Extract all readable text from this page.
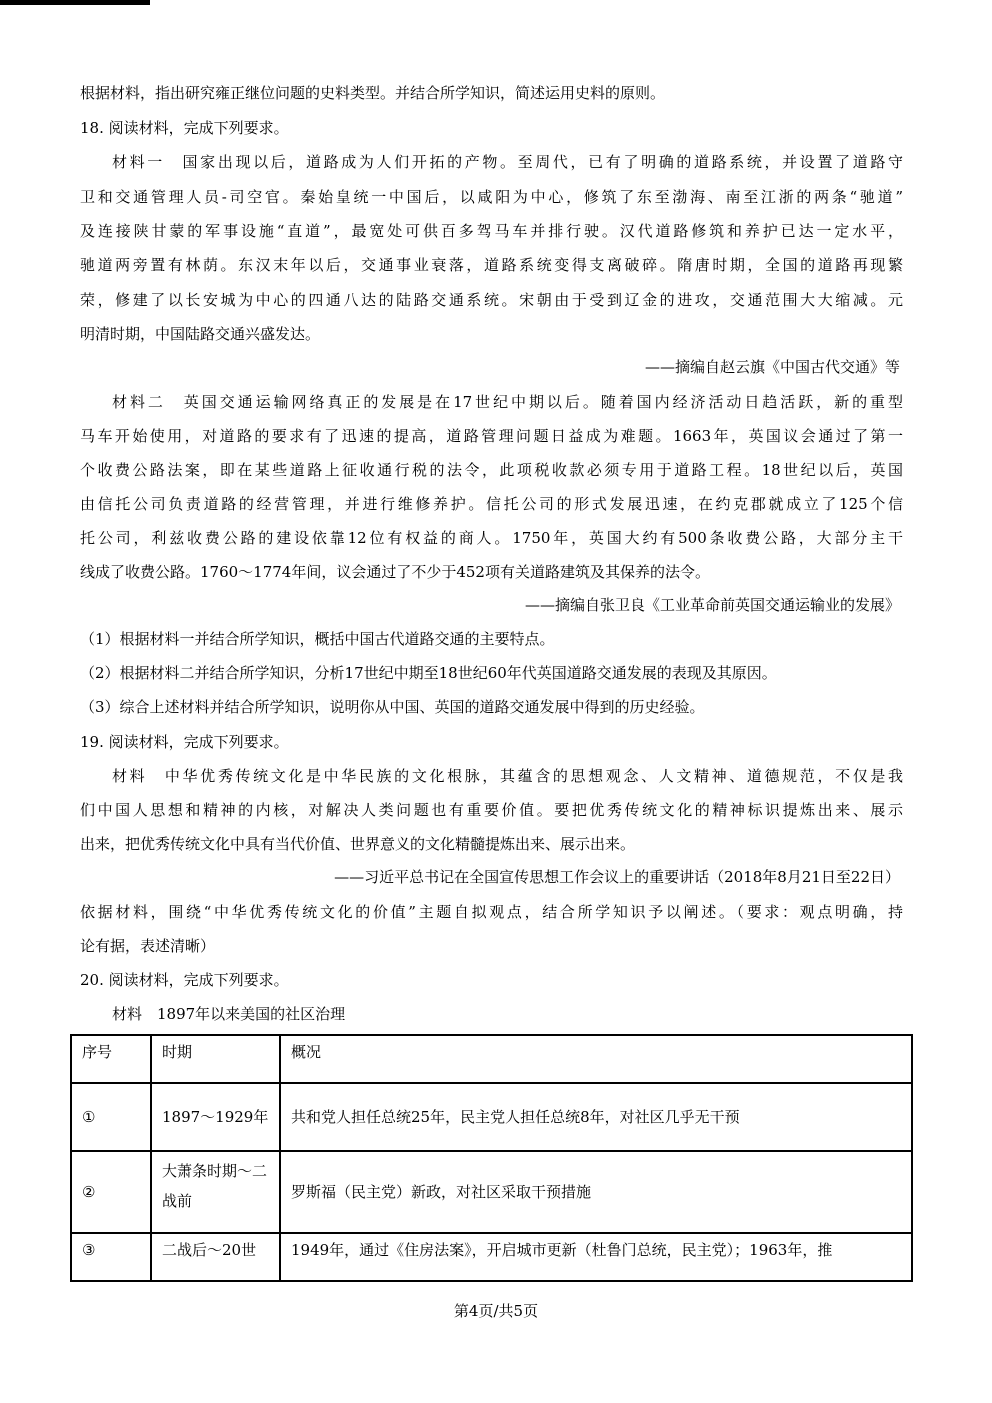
根据材料，指出研究雍正继位问题的史料类型。并结合所学知识，简述运用史料的原则。
18. 阅读材料，完成下列要求。
材料一　国家出现以后，道路成为人们开拓的产物。至周代，已有了明确的道路系统，并设置了道路守
卫和交通管理人员-司空官。秦始皇统一中国后，以咸阳为中心，修筑了东至渤海、南至江浙的两条“驰道”
及连接陕甘蒙的军事设施“直道”，最宽处可供百多驾马车并排行驶。汉代道路修筑和养护已达一定水平，
驰道两旁置有林荫。东汉末年以后，交通事业衰落，道路系统变得支离破碎。隋唐时期，全国的道路再现繁
荣，修建了以长安城为中心的四通八达的陆路交通系统。宋朝由于受到辽金的进攻，交通范围大大缩减。元
明清时期，中国陆路交通兴盛发达。
——摘编自赵云旗《中国古代交通》等
材料二　英国交通运输网络真正的发展是在17世纪中期以后。随着国内经济活动日趋活跃，新的重型
马车开始使用，对道路的要求有了迅速的提高，道路管理问题日益成为难题。1663年，英国议会通过了第一
个收费公路法案，即在某些道路上征收通行税的法令，此项税收款必须专用于道路工程。18世纪以后，英国
由信托公司负责道路的经营管理，并进行维修养护。信托公司的形式发展迅速，在约克郡就成立了125个信
托公司，利兹收费公路的建设依靠12位有权益的商人。1750年，英国大约有500条收费公路，大部分主干
线成了收费公路。1760～1774年间，议会通过了不少于452项有关道路建筑及其保养的法令。
——摘编自张卫良《工业革命前英国交通运输业的发展》
（1）根据材料一并结合所学知识，概括中国古代道路交通的主要特点。
（2）根据材料二并结合所学知识，分析17世纪中期至18世纪60年代英国道路交通发展的表现及其原因。
（3）综合上述材料并结合所学知识，说明你从中国、英国的道路交通发展中得到的历史经验。
19. 阅读材料，完成下列要求。
材料　中华优秀传统文化是中华民族的文化根脉，其蕴含的思想观念、人文精神、道德规范，不仅是我
们中国人思想和精神的内核，对解决人类问题也有重要价值。要把优秀传统文化的精神标识提炼出来、展示
出来，把优秀传统文化中具有当代价值、世界意义的文化精髓提炼出来、展示出来。
——习近平总书记在全国宣传思想工作会议上的重要讲话（2018年8月21日至22日）
依据材料，围绕“中华优秀传统文化的价值”主题自拟观点，结合所学知识予以阐述。（要求：观点明确，持
论有据，表述清晰）
20. 阅读材料，完成下列要求。
材料　1897年以来美国的社区治理
序号	时期	概况
①	1897～1929年	共和党人担任总统25年，民主党人担任总统8年，对社区几乎无干预
②	大萧条时期～二战前	罗斯福（民主党）新政，对社区采取干预措施
③	二战后～20世	1949年，通过《住房法案》，开启城市更新（杜鲁门总统，民主党）；1963年，推
第4页/共5页
